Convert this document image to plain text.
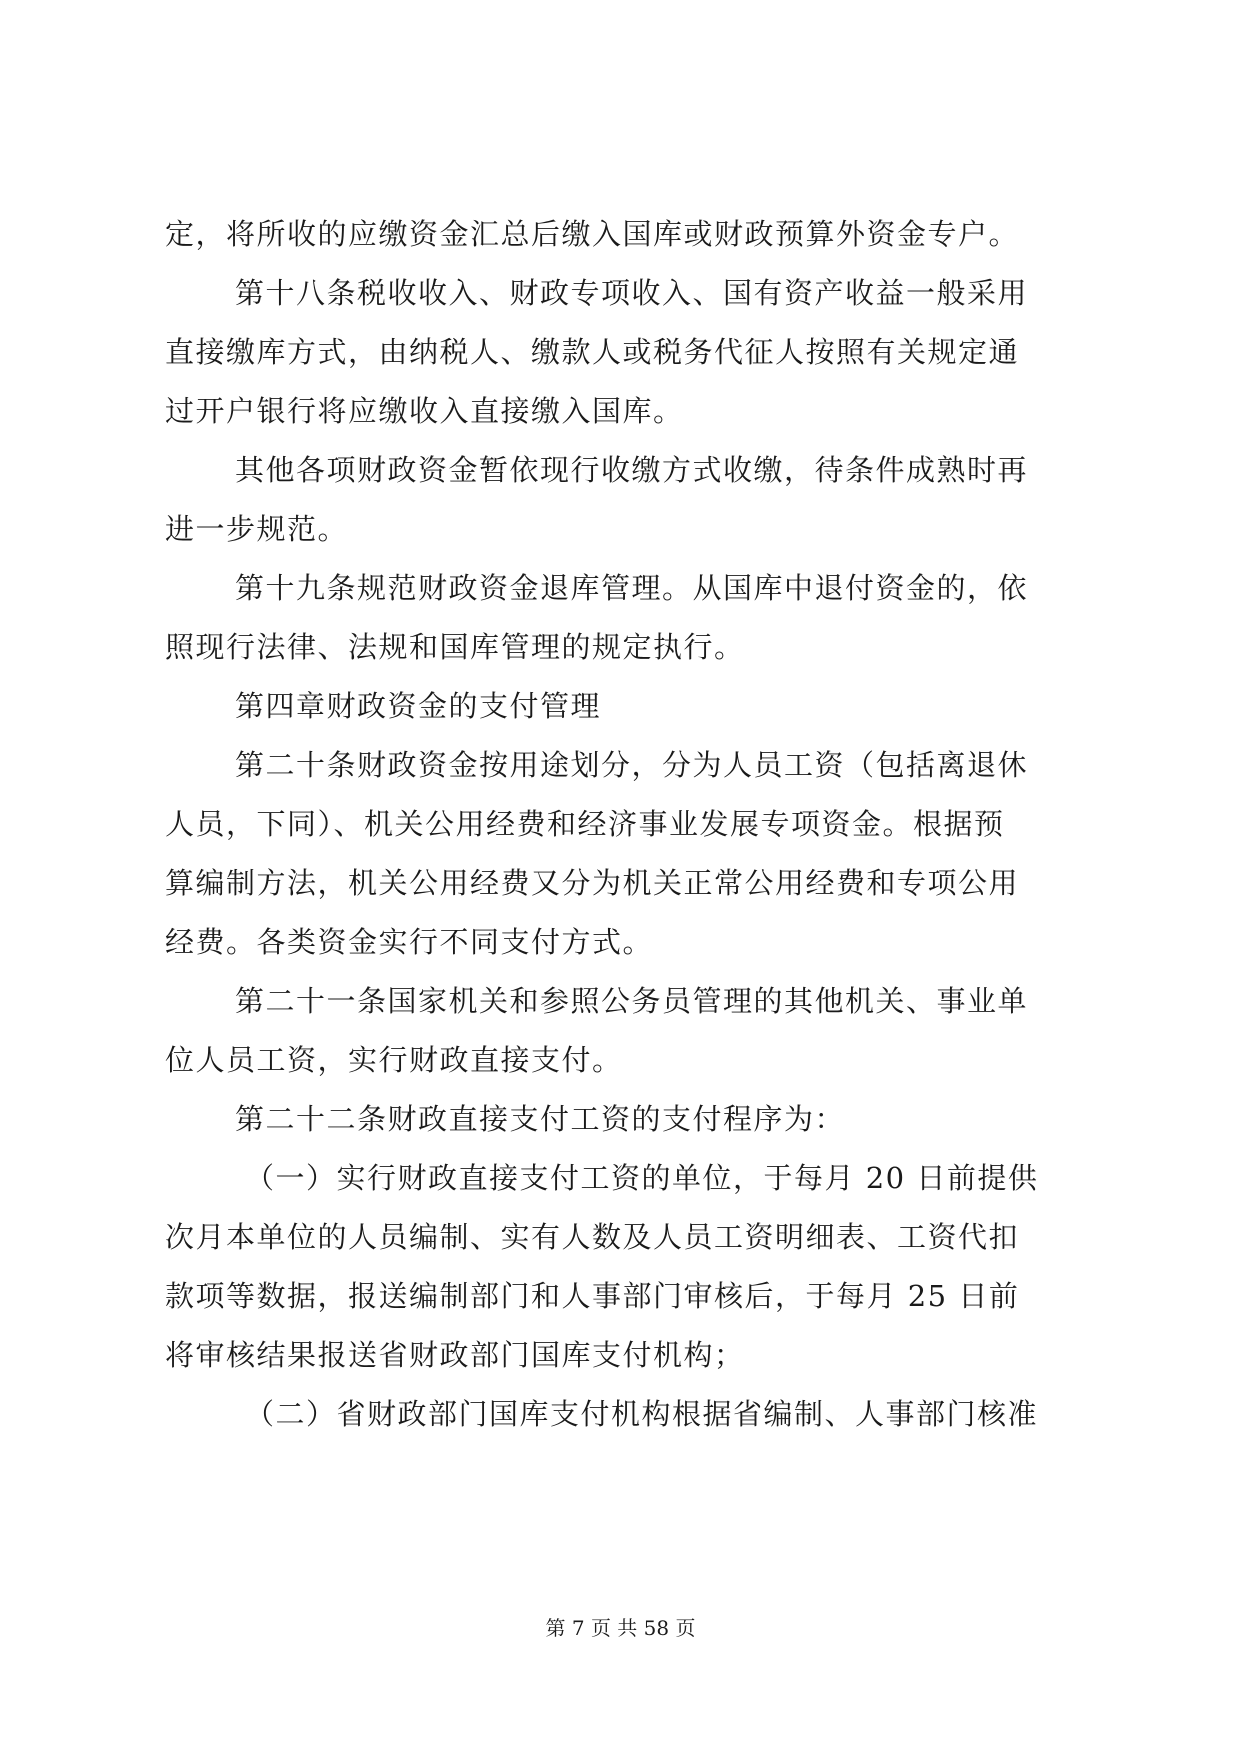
定，将所收的应缴资金汇总后缴入国库或财政预算外资金专户。
第十八条税收收入、财政专项收入、国有资产收益一般采用
直接缴库方式，由纳税人、缴款人或税务代征人按照有关规定通
过开户银行将应缴收入直接缴入国库。
其他各项财政资金暂依现行收缴方式收缴，待条件成熟时再
进一步规范。
第十九条规范财政资金退库管理。从国库中退付资金的，依
照现行法律、法规和国库管理的规定执行。
第四章财政资金的支付管理
第二十条财政资金按用途划分，分为人员工资（包括离退休
人员，下同）、机关公用经费和经济事业发展专项资金。根据预
算编制方法，机关公用经费又分为机关正常公用经费和专项公用
经费。各类资金实行不同支付方式。
第二十一条国家机关和参照公务员管理的其他机关、事业单
位人员工资，实行财政直接支付。
第二十二条财政直接支付工资的支付程序为：
（一）实行财政直接支付工资的单位，于每月 20 日前提供
次月本单位的人员编制、实有人数及人员工资明细表、工资代扣
款项等数据，报送编制部门和人事部门审核后，于每月 25 日前
将审核结果报送省财政部门国库支付机构；
（二）省财政部门国库支付机构根据省编制、人事部门核准
第 7 页 共 58 页
